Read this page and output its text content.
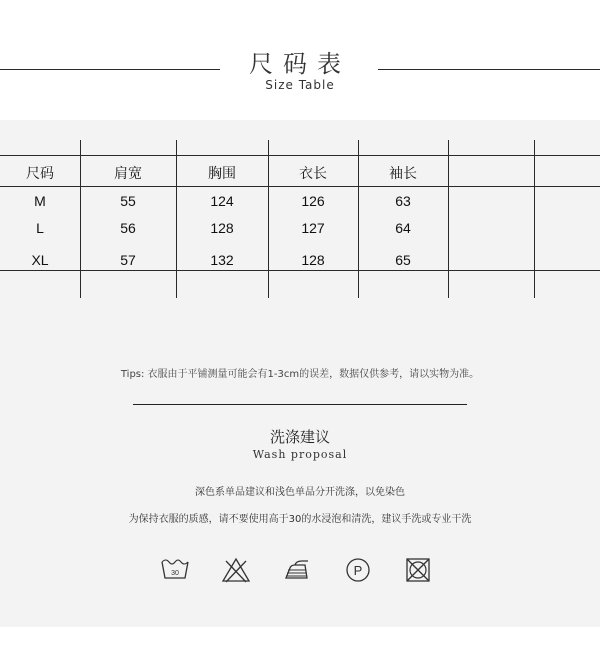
尺码表
Size Table
尺码	肩宽	胸围	衣长	袖长
M	55	124	126	63
L	56	128	127	64
XL	57	132	128	65
Tips: 衣服由于平铺测量可能会有1-3cm的误差，数据仅供参考，请以实物为准。
洗涤建议
Wash proposal
深色系单品建议和浅色单品分开洗涤，以免染色
为保持衣服的质感，请不要使用高于30的水浸泡和清洗，建议手洗或专业干洗
30	P
